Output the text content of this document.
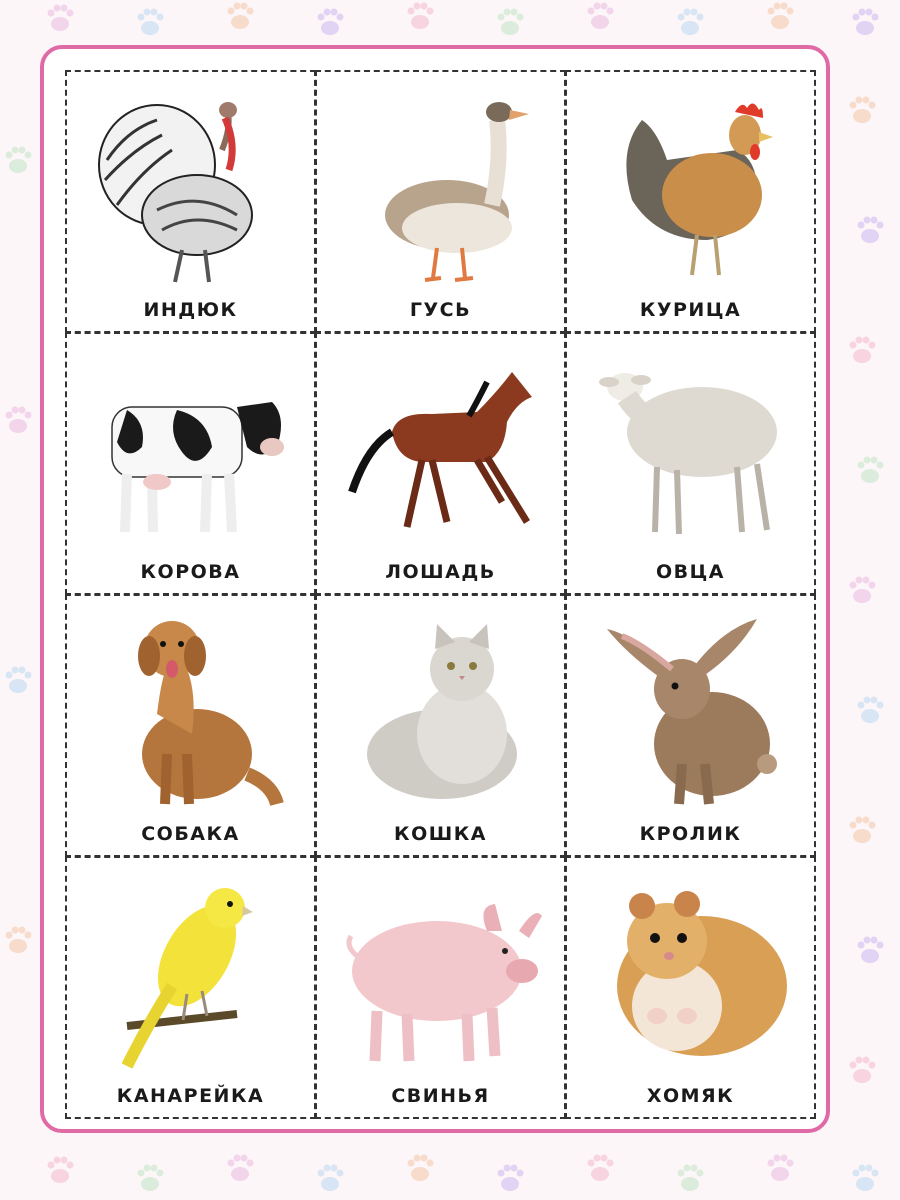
ИНДЮК	ГУСЬ	КУРИЦА
КОРОВА	ЛОШАДЬ	ОВЦА
СОБАКА	КОШКА	КРОЛИК
КАНАРЕЙКА	СВИНЬЯ	ХОМЯК
